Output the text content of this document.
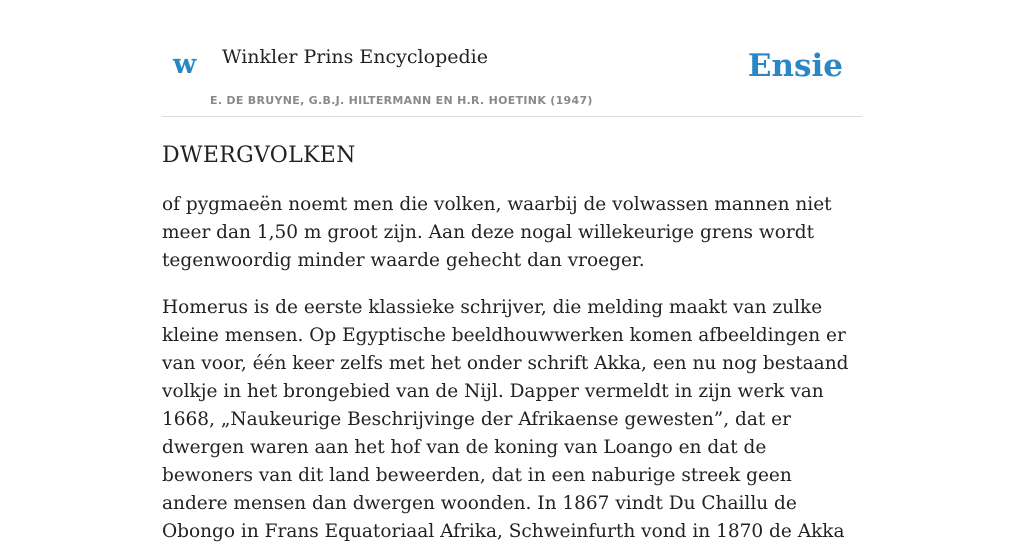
w Winkler Prins Encyclopedie
E. DE BRUYNE, G.B.J. HILTERMANN EN H.R. HOETINK (1947)
Ensie
DWERGVOLKEN

of pygmaeën noemt men die volken, waarbij de volwassen mannen niet meer dan 1,50 m groot zijn. Aan deze nogal willekeurige grens wordt tegenwoordig minder waarde gehecht dan vroeger.

Homerus is de eerste klassieke schrijver, die melding maakt van zulke kleine mensen. Op Egyptische beeldhouwwerken komen afbeeldingen er van voor, één keer zelfs met het onder schrift Akka, een nu nog bestaand volkje in het brongebied van de Nijl. Dapper vermeldt in zijn werk van 1668, „Naukeurige Beschrijvinge der Afrikaense gewesten”, dat er dwergen waren aan het hof van de koning van Loango en dat de bewoners van dit land beweerden, dat in een naburige streek geen andere mensen dan dwergen woonden. In 1867 vindt Du Chaillu de Obongo in Frans Equatoriaal Afrika, Schweinfurth vond in 1870 de Akka
